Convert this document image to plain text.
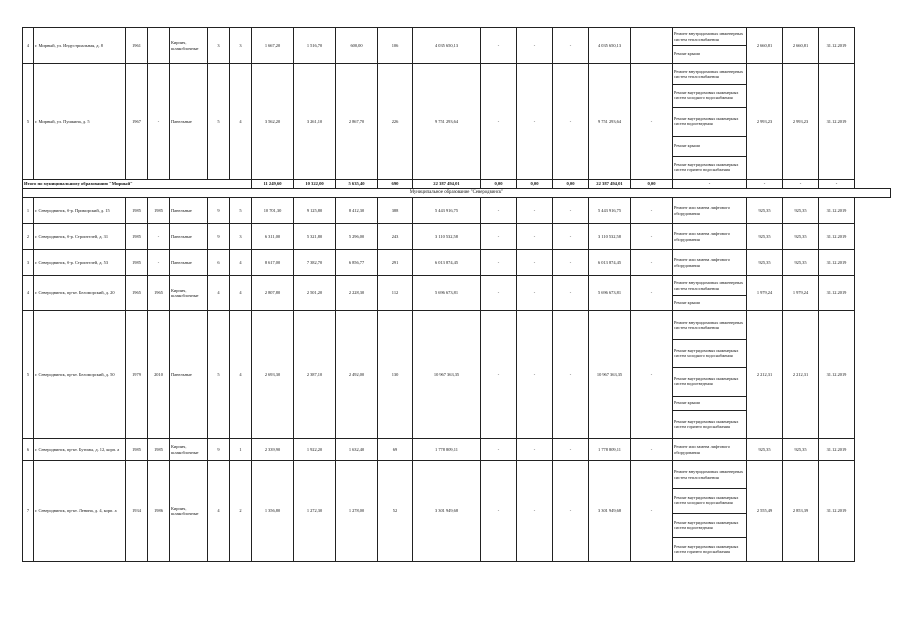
4	г. Мирный, ул. Индустриальная, д. 8	1961		Кирпич, шлакоблочные	3	3	1 667,20	1 516,70	600,00	106	4 035 650,13	-	-	-	4 035 650,13		Ремонт внутридомовых инженерных систем теплоснабжения	2 660,81	2 660,81	31.12.2019
																	Ремонт крыши			
5	г. Мирный, ул. Пушкина, д. 5	1967	-	Панельные	5	4	3 562,20	3 261,10	2 867,70	226	9 751 293,64	-	-	-	9 751 293,64	-	Ремонт внутридомовых инженерных систем теплоснабжения	2 993,23	2 993,23	31.12.2019
																	Ремонт внутридомовых инженерных систем холодного водоснабжения			
																	Ремонт внутридомовых инженерных систем водоотведения			
																	Ремонт крыши			
																	Ремонт внутридомовых инженерных систем горячего водоснабжения			
Итого по муниципальному образованию "Мирный"							11 249,60	10 322,00	5 635,40	690	22 387 494,01	0,00	0,00	0,00	22 387 494,01	0,00	-	-	-	-
Муниципальное образование "Северодвинск"																				
1	г. Северодвинск, б-р. Приморский, д. 15	1985	1985	Панельные	9	5	10 701,30	9 125,80	8 412,30	388	5 443 916,75	-	-	-	5 443 916,75	-	Ремонт или замена лифтового оборудования	925,35	925,35	31.12.2019
2	г. Северодвинск, б-р. Строителей, д. 31	1985	-	Панельные	9	3	6 311,00	5 321,80	5 296,00	243	3 110 532,58	-	-	-	3 110 532,58	-	Ремонт или замена лифтового оборудования	925,35	925,35	31.12.2019
3	г. Северодвинск, б-р. Строителей, д. 53	1985	-	Панельные	6	4	8 617,00	7 382,70	6 856,77	291	6 013 874,45	-	-	-	6 013 874,45	-	Ремонт или замена лифтового оборудования	925,35	925,35	31.12.2019
4	г. Северодвинск, пр-кт. Беломорский, д. 20	1965	1965	Кирпич, шлакоблочные	4	4	2 807,80	2 501,20	2 228,30	112	5 696 673,81	-	-	-	5 696 673,81	-	Ремонт внутридомовых инженерных систем теплоснабжения	1 979,24	1 979,24	31.12.2019
																	Ремонт крыши			
5	г. Северодвинск, пр-кт. Беломорский, д. 50	1979	2010	Панельные	5	4	2 693,30	2 387,10	2 492,00	130	10 967 363,35	-	-	-	10 967 363,35	-	Ремонт внутридомовых инженерных систем теплоснабжения	2 212,31	2 212,31	31.12.2019
																	Ремонт внутридомовых инженерных систем холодного водоснабжения			
																	Ремонт внутридомовых инженерных систем водоотведения			
																	Ремонт крыши			
																	Ремонт внутридомовых инженерных систем горячего водоснабжения			
6	г. Северодвинск, пр-кт. Бутомы, д. 12, корп. а	1985	1985	Кирпич, шлакоблочные	9	1	2 339,90	1 922,20	1 632,40	69	1 778 809,11	-	-	-	1 778 809,11	-	Ремонт или замена лифтового оборудования	925,35	925,35	31.12.2019
7	г. Северодвинск, пр-кт. Ленина, д. 4, корп. а	1934	1986	Кирпич, шлакоблочные	4	2	1 356,80	1 272,30	1 278,00	52	3 301 949,68	-	-	-	3 301 949,68	-	Ремонт внутридомовых инженерных систем теплоснабжения	2 555,49	2 853,39	31.12.2019
																	Ремонт внутридомовых инженерных систем холодного водоснабжения			
																	Ремонт внутридомовых инженерных систем водоотведения			
																	Ремонт внутридомовых инженерных систем горячего водоснабжения			
